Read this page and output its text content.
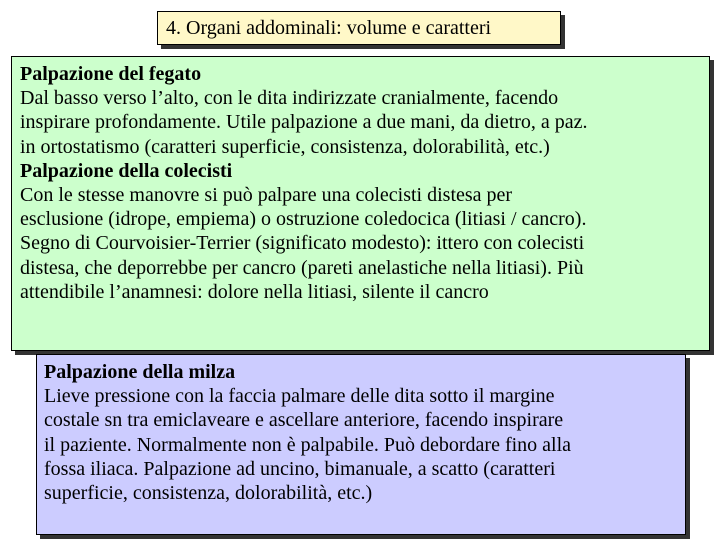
4. Organi addominali: volume e caratteri
Palpazione del fegato
Dal basso verso l’alto, con le dita indirizzate cranialmente, facendo
inspirare profondamente. Utile palpazione a due mani, da dietro, a paz.
in ortostatismo (caratteri superficie, consistenza, dolorabilità, etc.)
Palpazione della colecisti
Con le stesse manovre si può palpare una colecisti distesa per
esclusione (idrope, empiema) o ostruzione coledocica (litiasi / cancro).
Segno di Courvoisier-Terrier (significato modesto): ittero con colecisti
distesa, che deporrebbe per cancro (pareti anelastiche nella litiasi). Più
attendibile l’anamnesi: dolore nella litiasi, silente il cancro
Palpazione della milza
Lieve pressione con la faccia palmare delle dita sotto il margine
costale sn tra emiclaveare e ascellare anteriore, facendo inspirare
il paziente. Normalmente non è palpabile. Può debordare fino alla
fossa iliaca. Palpazione ad uncino, bimanuale, a scatto (caratteri
superficie, consistenza, dolorabilità, etc.)
